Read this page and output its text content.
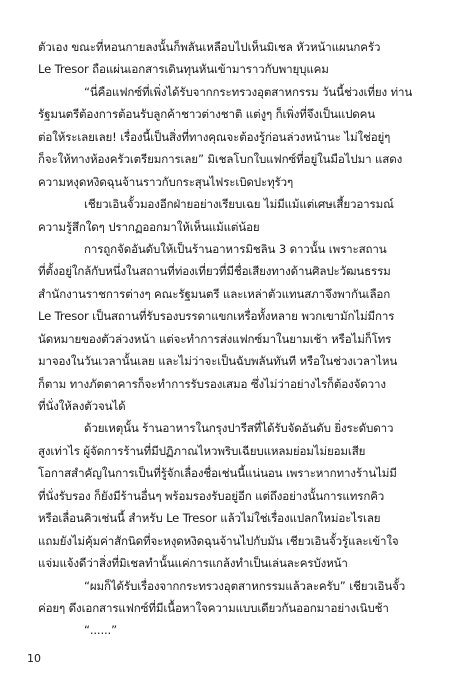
ตัวเอง ขณะที่หอนกายลงนั้นก็พลันเหลือบไปเห็นมิเชล หัวหน้าแผนกครัว
Le Tresor ถือแผ่นเอกสารเดินทุนหันเข้ามาราวกับพายุบุแคม
“นี่คือแฟกซ์ที่เพิ่งได้รับจากกระทรวงอุตสาหกรรม วันนี้ช่วงเที่ยง ท่าน
รัฐมนตรีต้องการต้อนรับลูกค้าชาวต่างชาติ แต่งูๆ ก็เพิ่งที่จึงเป็นแปดคน
ต่อให้ระเลยเลย! เรื่องนี้เป็นสิ่งที่ทางคุณจะต้องรู้ก่อนล่วงหน้านะ ไม่ใช่อยู่ๆ
ก็จะให้ทางห้องครัวเตรียมการเลย” มิเชลโบกใบแฟกซ์ที่อยู่ในมือไปมา แสดง
ความหงุดหงิดฉุนจ้านราวกับกระสุนไฟระเบิดปะทุรัวๆ
เชียวเอินจั้วมองอีกฝ่ายอย่างเรียบเฉย ไม่มีแม้แต่เศษเสี้ยวอารมณ์
ความรู้สึกใดๆ ปรากฏออกมาให้เห็นแม้แต่น้อย
การถูกจัดอันดับให้เป็นร้านอาหารมิชลิน 3 ดาวนั้น เพราะสถาน
ที่ตั้งอยู่ใกล้กับหนึ่งในสถานที่ท่องเที่ยวที่มีชื่อเสียงทางด้านศิลปะวัฒนธรรม
สำนักงานราชการต่างๆ คณะรัฐมนตรี และเหล่าตัวแทนสภาจึงพากันเลือก
Le Tresor เป็นสถานที่รับรองบรรดาแขกเหรื่อทั้งหลาย พวกเขามักไม่มีการ
นัดหมายของตัวล่วงหน้า แต่จะทำการส่งแฟกซ์มาในยามเช้า หรือไม่ก็โทร
มาจองในวันเวลานั้นเลย และไม่ว่าจะเป็นฉับพลันทันที หรือในช่วงเวลาไหน
ก็ตาม ทางภัตตาคารก็จะทำการรับรองเสมอ ซึ่งไม่ว่าอย่างไรก็ต้องจัดวาง
ที่นั่งให้ลงตัวจนได้
ด้วยเหตุนั้น ร้านอาหารในกรุงปารีสที่ได้รับจัดอันดับ ยิ่งระดับดาว
สูงเท่าไร ผู้จัดการร้านที่มีปฏิภาณไหวพริบเฉียบแหลมย่อมไม่ยอมเสีย
โอกาสสำคัญในการเป็นที่รู้จักเลื่องชื่อเช่นนี้แน่นอน เพราะหากทางร้านไม่มี
ที่นั่งรับรอง ก็ยังมีร้านอื่นๆ พร้อมรองรับอยู่อีก แต่ถึงอย่างนั้นการแทรกคิว
หรือเลื่อนคิวเช่นนี้ สำหรับ Le Tresor แล้วไม่ใช่เรื่องแปลกใหม่อะไรเลย
แถมยังไม่คุ้มค่าสักนิดที่จะหงุดหงิดฉุนจ้านไปกับมัน เชียวเอินจั้วรู้และเข้าใจ
แจ่มแจ้งดีว่าสิ่งที่มิเชลทำนั้นแค่การแกล้งทำเป็นเล่นละครบังหน้า
“ผมก็ได้รับเรื่องจากกระทรวงอุตสาหกรรมแล้วละครับ” เชียวเอินจั้ว
ค่อยๆ ดึงเอกสารแฟกซ์ที่มีเนื้อหาใจความแบบเดียวกันออกมาอย่างเนิบช้า
“......”
10
